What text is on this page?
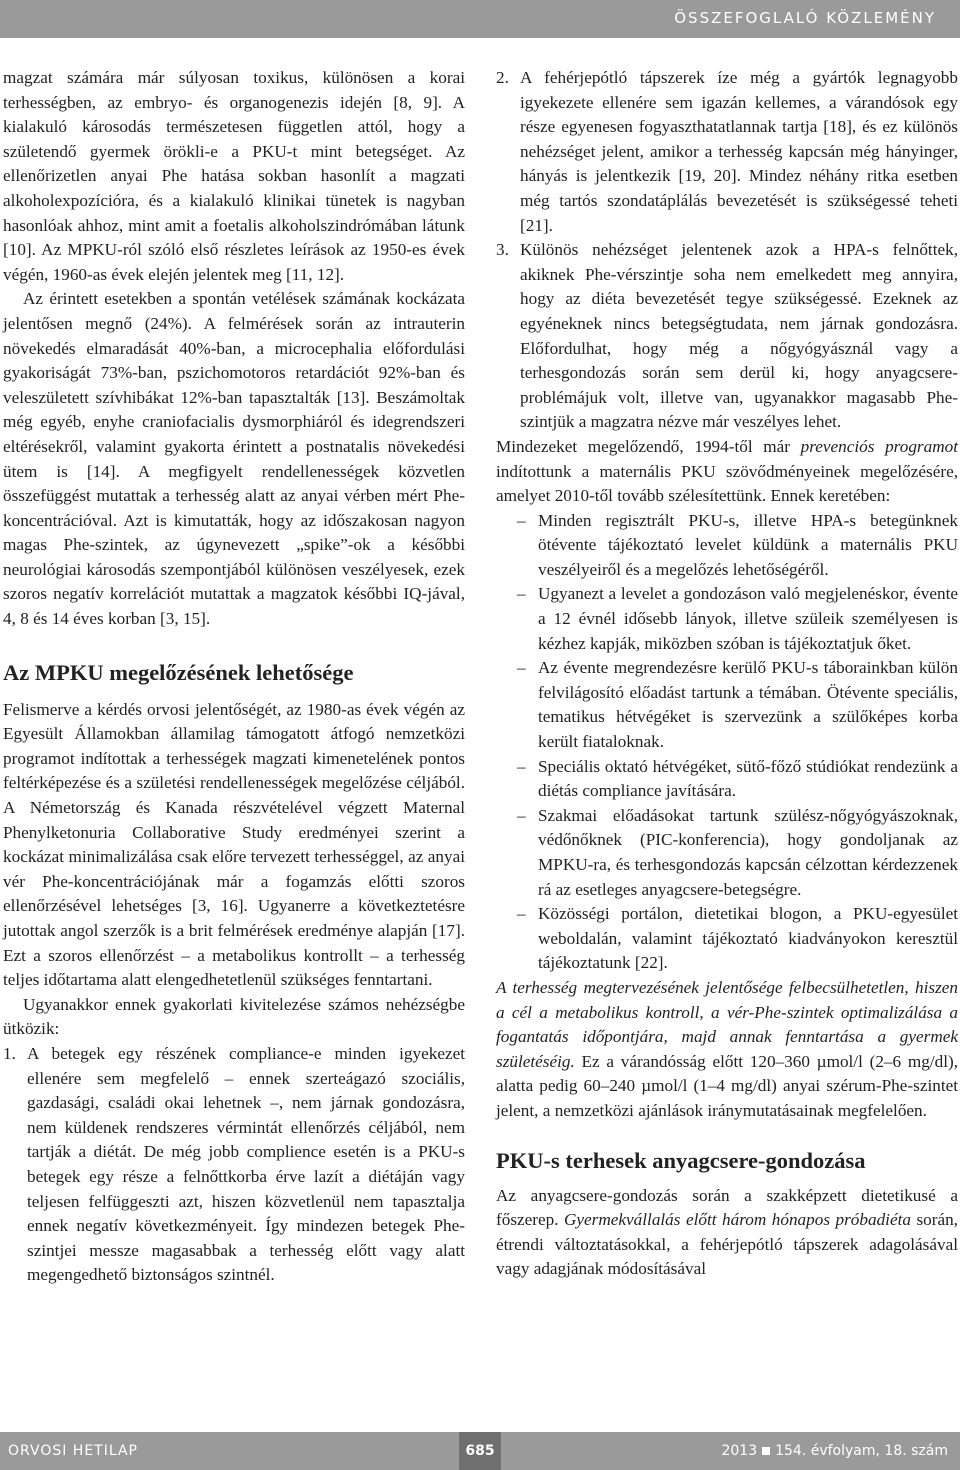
ÖSSZEFOGLALÓ KÖZLEMÉNY

magzat számára már súlyosan toxikus, különösen a korai terhességben, az embryo- és organogenezis idején [8, 9]. A kialakuló károsodás természetesen független attól, hogy a születendő gyermek örökli-e a PKU-t mint betegséget. Az ellenőrizetlen anyai Phe hatása sokban hasonlít a magzati alkoholexpozícióra, és a kialakuló klinikai tünetek is nagyban hasonlóak ahhoz, mint amit a foetalis alkoholszindrómában látunk [10]. Az MPKU-ról szóló első részletes leírások az 1950-es évek végén, 1960-as évek elején jelentek meg [11, 12].

Az érintett esetekben a spontán vetélések számának kockázata jelentősen megnő (24%). A felmérések során az intrauterin növekedés elmaradását 40%-ban, a microcephalia előfordulási gyakoriságát 73%-ban, pszichomotoros retardációt 92%-ban és veleszületett szívhibákat 12%-ban tapasztalták [13]. Beszámoltak még egyéb, enyhe craniofacialis dysmorphiáról és idegrendszeri eltérésekről, valamint gyakorta érintett a postnatalis növekedési ütem is [14]. A megfigyelt rendellenességek közvetlen összefüggést mutattak a terhesség alatt az anyai vérben mért Phe-koncentrációval. Azt is kimutatták, hogy az időszakosan nagyon magas Phe-szintek, az úgynevezett „spike”-ok a későbbi neurológiai károsodás szempontjából különösen veszélyesek, ezek szoros negatív korrelációt mutattak a magzatok későbbi IQ-jával, 4, 8 és 14 éves korban [3, 15].

Az MPKU megelőzésének lehetősége

Felismerve a kérdés orvosi jelentőségét, az 1980-as évek végén az Egyesült Államokban államilag támogatott átfogó nemzetközi programot indítottak a terhességek magzati kimenetelének pontos feltérképezése és a születési rendellenességek megelőzése céljából. A Németország és Kanada részvételével végzett Maternal Phenylketonuria Collaborative Study eredményei szerint a kockázat minimalizálása csak előre tervezett terhességgel, az anyai vér Phe-koncentrációjának már a fogamzás előtti szoros ellenőrzésével lehetséges [3, 16]. Ugyanerre a következtetésre jutottak angol szerzők is a brit felmérések eredménye alapján [17]. Ezt a szoros ellenőrzést – a metabolikus kontrollt – a terhesség teljes időtartama alatt elengedhetetlenül szükséges fenntartani.

Ugyanakkor ennek gyakorlati kivitelezése számos nehézségbe ütközik:

1. A betegek egy részének compliance-e minden igyekezet ellenére sem megfelelő – ennek szerteágazó szociális, gazdasági, családi okai lehetnek –, nem járnak gondozásra, nem küldenek rendszeres vérmintát ellenőrzés céljából, nem tartják a diétát. De még jobb complience esetén is a PKU-s betegek egy része a felnőttkorba érve lazít a diétáján vagy teljesen felfüggeszti azt, hiszen közvetlenül nem tapasztalja ennek negatív következményeit. Így mindezen betegek Phe-szintjei messze magasabbak a terhesség előtt vagy alatt megengedhető biztonságos szintnél.
2. A fehérjepótló tápszerek íze még a gyártók legnagyobb igyekezete ellenére sem igazán kellemes, a várandósok egy része egyenesen fogyaszthatatlannak tartja [18], és ez különös nehézséget jelent, amikor a terhesség kapcsán még hányinger, hányás is jelentkezik [19, 20]. Mindez néhány ritka esetben még tartós szondatáplálás bevezetését is szükségessé teheti [21].
3. Különös nehézséget jelentenek azok a HPA-s felnőttek, akiknek Phe-vérszintje soha nem emelkedett meg annyira, hogy az diéta bevezetését tegye szükségessé. Ezeknek az egyéneknek nincs betegségtudata, nem járnak gondozásra. Előfordulhat, hogy még a nőgyógyásznál vagy a terhesgondozás során sem derül ki, hogy anyagcsere-problémájuk volt, illetve van, ugyanakkor magasabb Phe-szintjük a magzatra nézve már veszélyes lehet.

Mindezeket megelőzendő, 1994-től már prevenciós programot indítottunk a maternális PKU szövődményeinek megelőzésére, amelyet 2010-től tovább szélesítettünk. Ennek keretében:

– Minden regisztrált PKU-s, illetve HPA-s betegünknek ötévente tájékoztató levelet küldünk a maternális PKU veszélyeiről és a megelőzés lehetőségéről.
– Ugyanezt a levelet a gondozáson való megjelenéskor, évente a 12 évnél idősebb lányok, illetve szüleik személyesen is kézhez kapják, miközben szóban is tájékoztatjuk őket.
– Az évente megrendezésre kerülő PKU-s táborainkban külön felvilágosító előadást tartunk a témában. Ötévente speciális, tematikus hétvégéket is szervezünk a szülőképes korba került fiataloknak.
– Speciális oktató hétvégéket, sütő-főző stúdiókat rendezünk a diétás compliance javítására.
– Szakmai előadásokat tartunk szülész-nőgyógyászoknak, védőnőknek (PIC-konferencia), hogy gondoljanak az MPKU-ra, és terhesgondozás kapcsán célzottan kérdezzenek rá az esetleges anyagcsere-betegségre.
– Közösségi portálon, dietetikai blogon, a PKU-egyesület weboldalán, valamint tájékoztató kiadványokon keresztül tájékoztatunk [22].

A terhesség megtervezésének jelentősége felbecsülhetetlen, hiszen a cél a metabolikus kontroll, a vér-Phe-szintek optimalizálása a fogantatás időpontjára, majd annak fenntartása a gyermek születéséig. Ez a várandósság előtt 120–360 µmol/l (2–6 mg/dl), alatta pedig 60–240 µmol/l (1–4 mg/dl) anyai szérum-Phe-szintet jelent, a nemzetközi ajánlások iránymutatásainak megfelelően.

PKU-s terhesek anyagcsere-gondozása

Az anyagcsere-gondozás során a szakképzett dietetikusé a főszerep. Gyermekvállalás előtt három hónapos próbadiéta során, étrendi változtatásokkal, a fehérjepótló tápszerek adagolásával vagy adagjának módosításával

ORVOSI HETILAP	685	2013 154. évfolyam, 18. szám
